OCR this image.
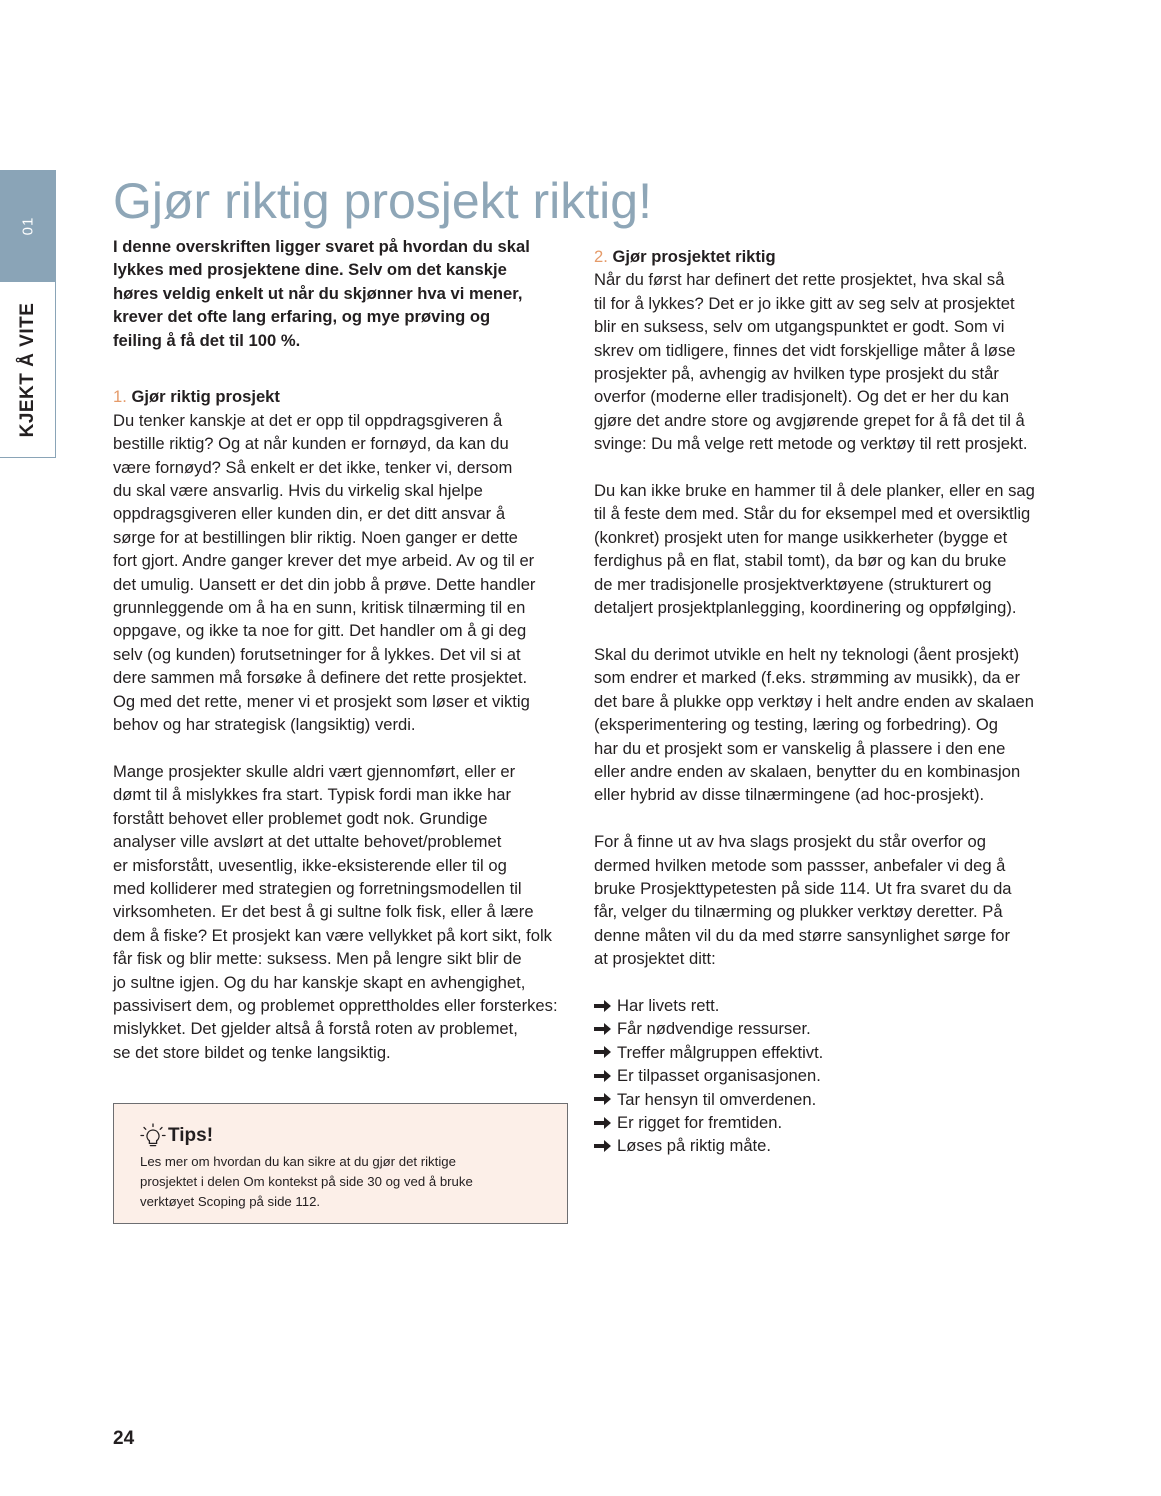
01
KJEKT Å VITE
Gjør riktig prosjekt riktig!

I denne overskriften ligger svaret på hvordan du skal

lykkes med prosjektene dine. Selv om det kanskje

høres veldig enkelt ut når du skjønner hva vi mener,

krever det ofte lang erfaring, og mye prøving og

feiling å få det til 100 %.

1. Gjør riktig prosjekt

Du tenker kanskje at det er opp til oppdragsgiveren å

bestille riktig? Og at når kunden er fornøyd, da kan du

være fornøyd? Så enkelt er det ikke, tenker vi, dersom

du skal være ansvarlig. Hvis du virkelig skal hjelpe

oppdragsgiveren eller kunden din, er det ditt ansvar å

sørge for at bestillingen blir riktig. Noen ganger er dette

fort gjort. Andre ganger krever det mye arbeid. Av og til er

det umulig. Uansett er det din jobb å prøve. Dette handler

grunnleggende om å ha en sunn, kritisk tilnærming til en

oppgave, og ikke ta noe for gitt. Det handler om å gi deg

selv (og kunden) forutsetninger for å lykkes. Det vil si at

dere sammen må forsøke å definere det rette prosjektet.

Og med det rette, mener vi et prosjekt som løser et viktig

behov og har strategisk (langsiktig) verdi.

Mange prosjekter skulle aldri vært gjennomført, eller er

dømt til å mislykkes fra start. Typisk fordi man ikke har

forstått behovet eller problemet godt nok. Grundige

analyser ville avslørt at det uttalte behovet/problemet

er misforstått, uvesentlig, ikke-eksisterende eller til og

med kolliderer med strategien og forretningsmodellen til

virksomheten. Er det best å gi sultne folk fisk, eller å lære

dem å fiske? Et prosjekt kan være vellykket på kort sikt, folk

får fisk og blir mette: suksess. Men på lengre sikt blir de

jo sultne igjen. Og du har kanskje skapt en avhengighet,

passivisert dem, og problemet opprettholdes eller forsterkes:

mislykket. Det gjelder altså å forstå roten av problemet,

se det store bildet og tenke langsiktig.

Tips!
Les mer om hvordan du kan sikre at du gjør det riktige
prosjektet i delen Om kontekst på side 30 og ved å bruke
verktøyet Scoping på side 112.

2. Gjør prosjektet riktig

Når du først har definert det rette prosjektet, hva skal så

til for å lykkes? Det er jo ikke gitt av seg selv at prosjektet

blir en suksess, selv om utgangspunktet er godt. Som vi

skrev om tidligere, finnes det vidt forskjellige måter å løse

prosjekter på, avhengig av hvilken type prosjekt du står

overfor (moderne eller tradisjonelt). Og det er her du kan

gjøre det andre store og avgjørende grepet for å få det til å

svinge: Du må velge rett metode og verktøy til rett prosjekt.

Du kan ikke bruke en hammer til å dele planker, eller en sag

til å feste dem med. Står du for eksempel med et oversiktlig

(konkret) prosjekt uten for mange usikkerheter (bygge et

ferdighus på en flat, stabil tomt), da bør og kan du bruke

de mer tradisjonelle prosjektverktøyene (strukturert og

detaljert prosjektplanlegging, koordinering og oppfølging).

Skal du derimot utvikle en helt ny teknologi (åent prosjekt)

som endrer et marked (f.eks. strømming av musikk), da er

det bare å plukke opp verktøy i helt andre enden av skalaen

(eksperimentering og testing, læring og forbedring). Og

har du et prosjekt som er vanskelig å plassere i den ene

eller andre enden av skalaen, benytter du en kombinasjon

eller hybrid av disse tilnærmingene (ad hoc-prosjekt).

For å finne ut av hva slags prosjekt du står overfor og

dermed hvilken metode som passser, anbefaler vi deg å

bruke Prosjekttypetesten på side 114. Ut fra svaret du da

får, velger du tilnærming og plukker verktøy deretter. På

denne måten vil du da med større sansynlighet sørge for

at prosjektet ditt:

Har livets rett.
Får nødvendige ressurser.
Treffer målgruppen effektivt.
Er tilpasset organisasjonen.
Tar hensyn til omverdenen.
Er rigget for fremtiden.
Løses på riktig måte.
24
